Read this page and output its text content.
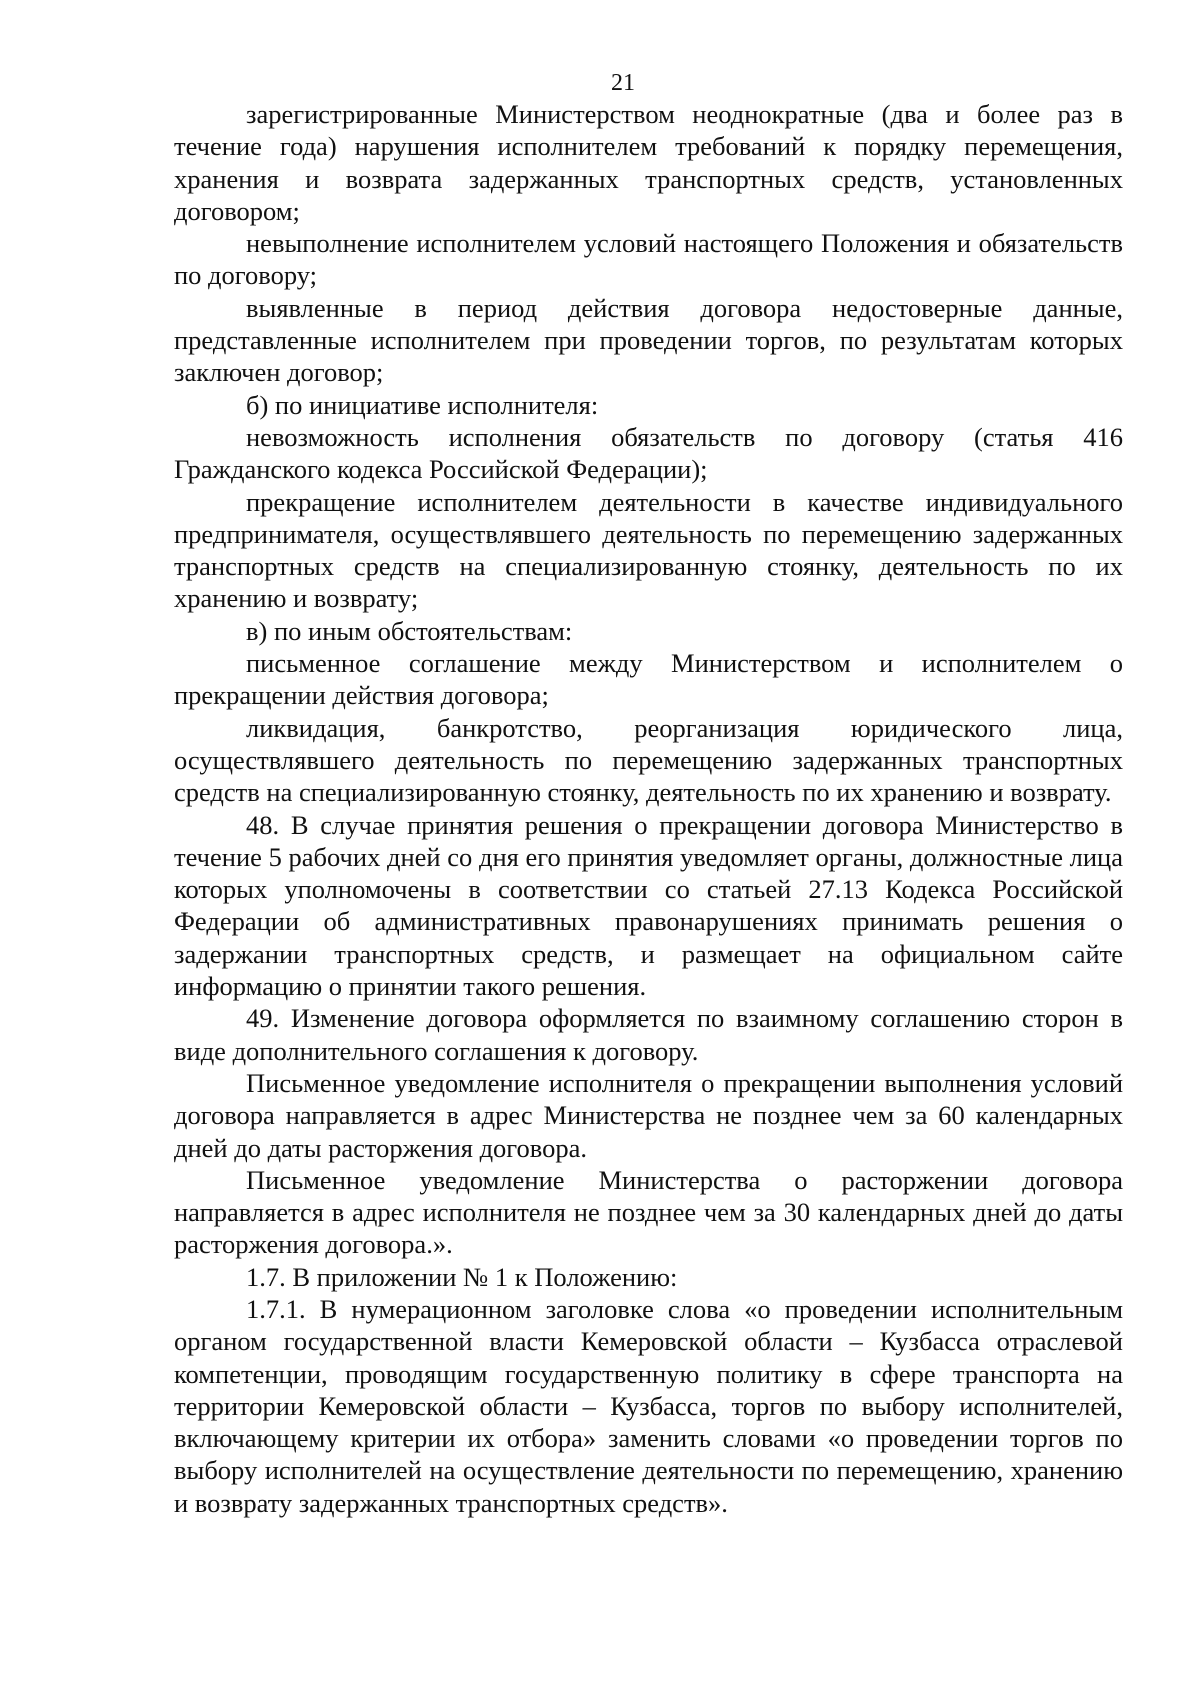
21

зарегистрированные Министерством неоднократные (два и более раз в течение года) нарушения исполнителем требований к порядку перемещения, хранения и возврата задержанных транспортных средств, установленных договором;

невыполнение исполнителем условий настоящего Положения и обязательств по договору;

выявленные в период действия договора недостоверные данные, представленные исполнителем при проведении торгов, по результатам которых заключен договор;

б) по инициативе исполнителя:

невозможность исполнения обязательств по договору (статья 416 Гражданского кодекса Российской Федерации);

прекращение исполнителем деятельности в качестве индивидуального предпринимателя, осуществлявшего деятельность по перемещению задержанных транспортных средств на специализированную стоянку, деятельность по их хранению и возврату;

в) по иным обстоятельствам:

письменное соглашение между Министерством и исполнителем о прекращении действия договора;

ликвидация, банкротство, реорганизация юридического лица, осуществлявшего деятельность по перемещению задержанных транспортных средств на специализированную стоянку, деятельность по их хранению и возврату.

48. В случае принятия решения о прекращении договора Министерство в течение 5 рабочих дней со дня его принятия уведомляет органы, должностные лица которых уполномочены в соответствии со статьей 27.13 Кодекса Российской Федерации об административных правонарушениях принимать решения о задержании транспортных средств, и размещает на официальном сайте информацию о принятии такого решения.

49. Изменение договора оформляется по взаимному соглашению сторон в виде дополнительного соглашения к договору.

Письменное уведомление исполнителя о прекращении выполнения условий договора направляется в адрес Министерства не позднее чем за 60 календарных дней до даты расторжения договора.

Письменное уведомление Министерства о расторжении договора направляется в адрес исполнителя не позднее чем за 30 календарных дней до даты расторжения договора.».

1.7. В приложении № 1 к Положению:

1.7.1. В нумерационном заголовке слова «о проведении исполнительным органом государственной власти Кемеровской области – Кузбасса отраслевой компетенции, проводящим государственную политику в сфере транспорта на территории Кемеровской области – Кузбасса, торгов по выбору исполнителей, включающему критерии их отбора» заменить словами «о проведении торгов по выбору исполнителей на осуществление деятельности по перемещению, хранению и возврату задержанных транспортных средств».
